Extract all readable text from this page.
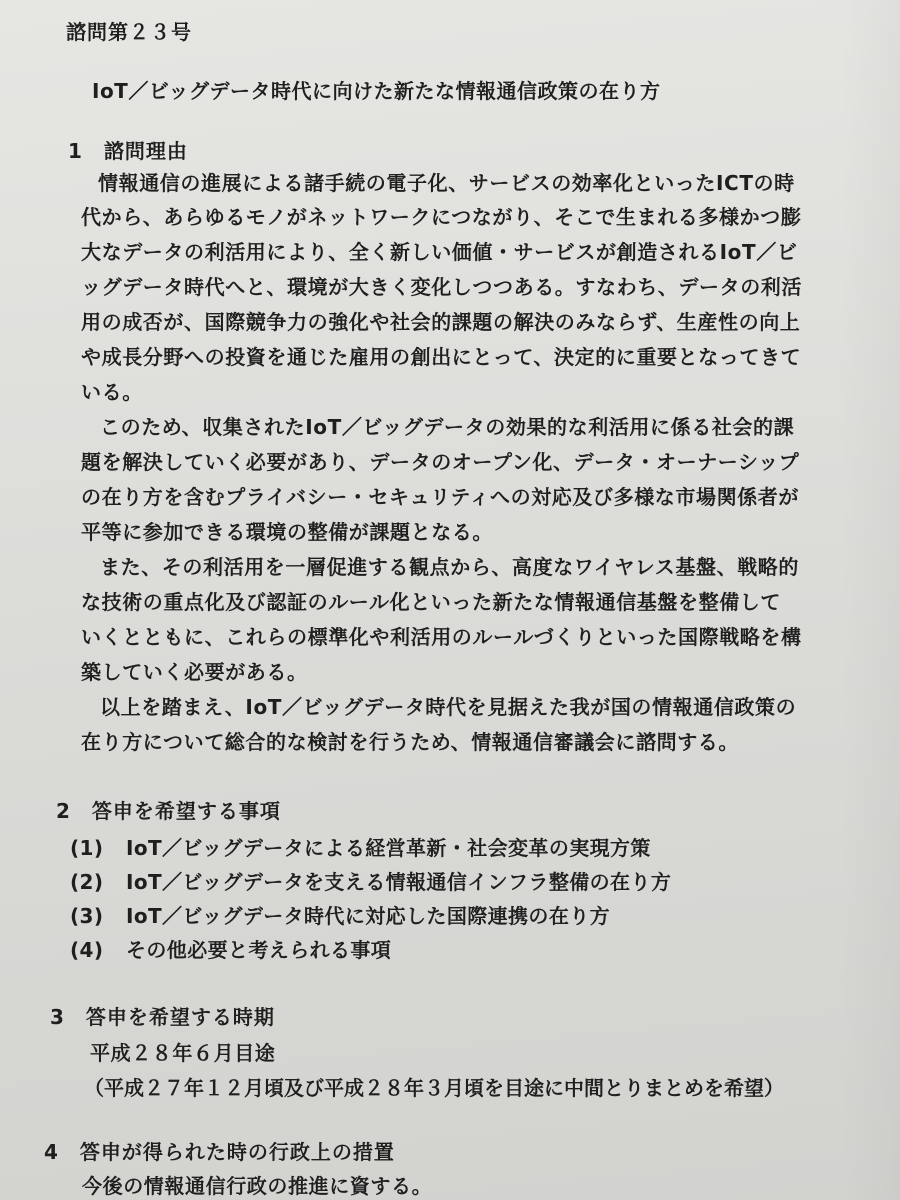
諮問第２３号
IoT／ビッグデータ時代に向けた新たな情報通信政策の在り方
1　諮問理由
情報通信の進展による諸手続の電子化、サービスの効率化といったICTの時
代から、あらゆるモノがネットワークにつながり、そこで生まれる多様かつ膨
大なデータの利活用により、全く新しい価値・サービスが創造されるIoT／ビ
ッグデータ時代へと、環境が大きく変化しつつある。すなわち、データの利活
用の成否が、国際競争力の強化や社会的課題の解決のみならず、生産性の向上
や成長分野への投資を通じた雇用の創出にとって、決定的に重要となってきて
いる。
このため、収集されたIoT／ビッグデータの効果的な利活用に係る社会的課
題を解決していく必要があり、データのオープン化、データ・オーナーシップ
の在り方を含むプライバシー・セキュリティへの対応及び多様な市場関係者が
平等に参加できる環境の整備が課題となる。
また、その利活用を一層促進する観点から、高度なワイヤレス基盤、戦略的
な技術の重点化及び認証のルール化といった新たな情報通信基盤を整備して
いくとともに、これらの標準化や利活用のルールづくりといった国際戦略を構
築していく必要がある。
以上を踏まえ、IoT／ビッグデータ時代を見据えた我が国の情報通信政策の
在り方について総合的な検討を行うため、情報通信審議会に諮問する。
2　答申を希望する事項
(1) IoT／ビッグデータによる経営革新・社会変革の実現方策
(2) IoT／ビッグデータを支える情報通信インフラ整備の在り方
(3) IoT／ビッグデータ時代に対応した国際連携の在り方
(4) その他必要と考えられる事項
3　答申を希望する時期
平成２８年６月目途
（平成２７年１２月頃及び平成２８年３月頃を目途に中間とりまとめを希望）
4　答申が得られた時の行政上の措置
今後の情報通信行政の推進に資する。
